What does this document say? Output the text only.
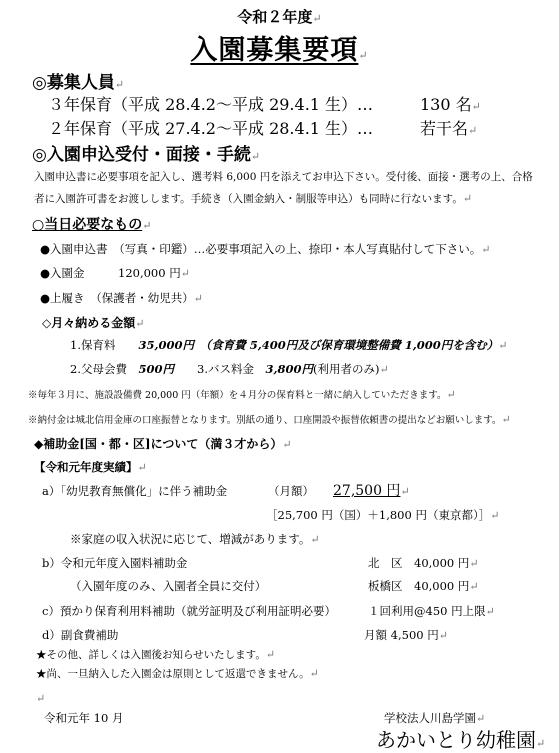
令和２年度↵
入園募集要項↵
◎募集人員↵
３年保育（平成 28.4.2～平成 29.4.1 生）…	130 名↵
２年保育（平成 27.4.2～平成 28.4.1 生）…	若干名↵
◎入園申込受付・面接・手続↵
入園申込書に必要事項を記入し、選考料 6,000 円を添えてお申込下さい。受付後、面接・選考の上、合格
者に入園許可書をお渡しします。手続き（入園金納入・制服等申込）も同時に行ないます。↵
○当日必要なもの↵
●入園申込書　（写真・印鑑）…必要事項記入の上、捺印・本人写真貼付して下さい。↵
●入園金	120,000 円↵
●上履き　（保護者・幼児共）↵
◇月々納める金額↵
1.保育料　　 35,000円　 （食育費 5,400円及び保育環境整備費 1,000円を含む）↵
2.父母会費　 500円　　 3.バス料金　 3,800円(利用者のみ)↵
※毎年３月に、施設設備費 20,000 円（年額）を４月分の保育料と一緒に納入していただきます。↵
※納付金は城北信用金庫の口座振替となります。別紙の通り、口座開設や振替依頼書の提出などお願いします。↵
◆補助金[国・都・区]について（満３才から）↵
【令和元年度実績】↵
a）「幼児教育無償化」に伴う補助金	（月額） 27,500 円↵
［25,700 円（国）＋1,800 円（東京都）］↵
※家庭の収入状況に応じて、増減があります。↵
b）令和元年度入園料補助金	北　区　40,000 円↵
（入園年度のみ、入園者全員に交付）	板橋区　40,000 円↵
c）預かり保育利用料補助（就労証明及び利用証明必要）	１回利用@450 円上限↵
d）副食費補助	月額 4,500 円↵
★その他、詳しくは入園後お知らせいたします。↵
★尚、一旦納入した入園金は原則として返還できません。↵
↵
令和元年 10 月	学校法人川島学園↵
あかいとり幼稚園↵
